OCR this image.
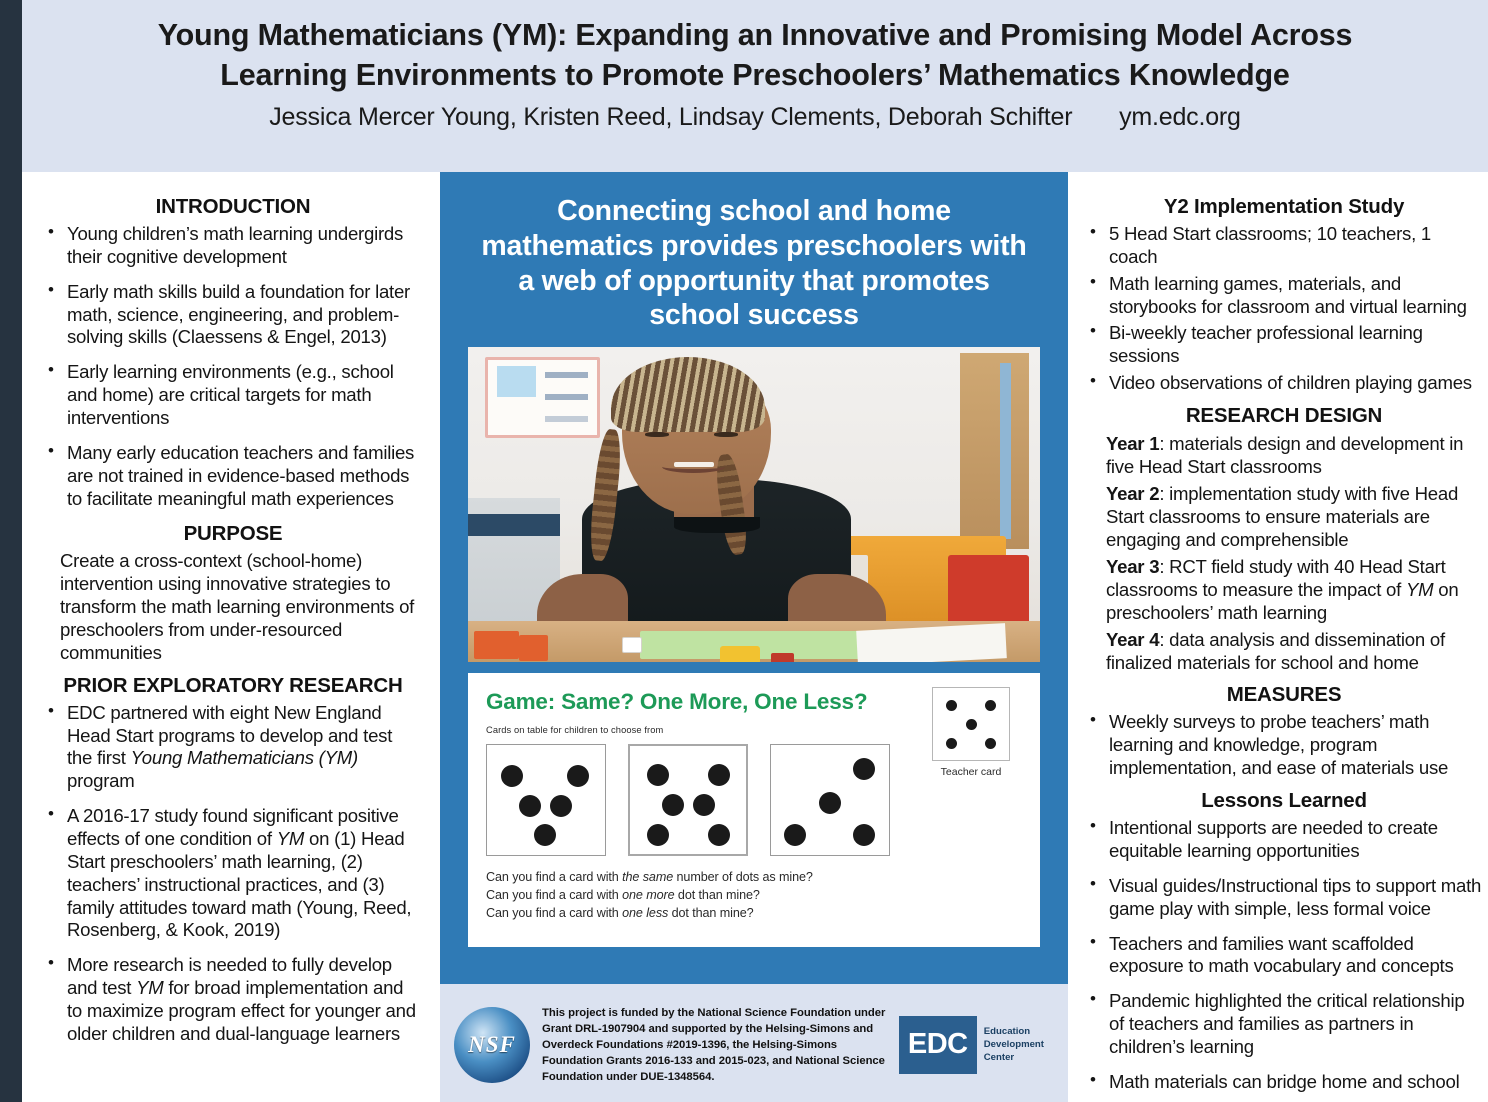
Young Mathematicians (YM): Expanding an Innovative and Promising Model Across
Learning Environments to Promote Preschoolers’ Mathematics Knowledge
Jessica Mercer Young, Kristen Reed, Lindsay Clements, Deborah Schifter ym.edc.org
INTRODUCTION
• Young children’s math learning undergirds their cognitive development
• Early math skills build a foundation for later math, science, engineering, and problem-solving skills (Claessens & Engel, 2013)
• Early learning environments (e.g., school and home) are critical targets for math interventions
• Many early education teachers and families are not trained in evidence-based methods to facilitate meaningful math experiences
PURPOSE

Create a cross-context (school-home) intervention using innovative strategies to transform the math learning environments of preschoolers from under-resourced communities

PRIOR EXPLORATORY RESEARCH
• EDC partnered with eight New England Head Start programs to develop and test the first Young Mathematicians (YM) program
• A 2016-17 study found significant positive effects of one condition of YM on (1) Head Start preschoolers’ math learning, (2) teachers’ instructional practices, and (3) family attitudes toward math (Young, Reed, Rosenberg, & Kook, 2019)
• More research is needed to fully develop and test YM for broad implementation and to maximize program effect for younger and older children and dual-language learners
Connecting school and home mathematics provides preschoolers with a web of opportunity that promotes school success
Game: Same? One More, One Less?
Cards on table for children to choose from
Teacher card
Can you find a card with the same number of dots as mine?
Can you find a card with one more dot than mine?
Can you find a card with one less dot than mine?
NSF
This project is funded by the National Science Foundation under Grant DRL-1907904 and supported by the Helsing-Simons and Overdeck Foundations #2019-1396, the Helsing-Simons Foundation Grants 2016-133 and 2015-023, and National Science Foundation under DUE-1348564.
EDC	Education
Development
Center
Y2 Implementation Study
• 5 Head Start classrooms; 10 teachers, 1 coach
• Math learning games, materials, and storybooks for classroom and virtual learning
• Bi-weekly teacher professional learning sessions
• Video observations of children playing games
RESEARCH DESIGN

Year 1: materials design and development in five Head Start classrooms

Year 2: implementation study with five Head Start classrooms to ensure materials are engaging and comprehensible

Year 3: RCT field study with 40 Head Start classrooms to measure the impact of YM on preschoolers’ math learning

Year 4: data analysis and dissemination of finalized materials for school and home

MEASURES
• Weekly surveys to probe teachers’ math learning and knowledge, program implementation, and ease of materials use
Lessons Learned
• Intentional supports are needed to create equitable learning opportunities
• Visual guides/Instructional tips to support math game play with simple, less formal voice
• Teachers and families want scaffolded exposure to math vocabulary and concepts
• Pandemic highlighted the critical relationship of teachers and families as partners in children’s learning
• Math materials can bridge home and school
